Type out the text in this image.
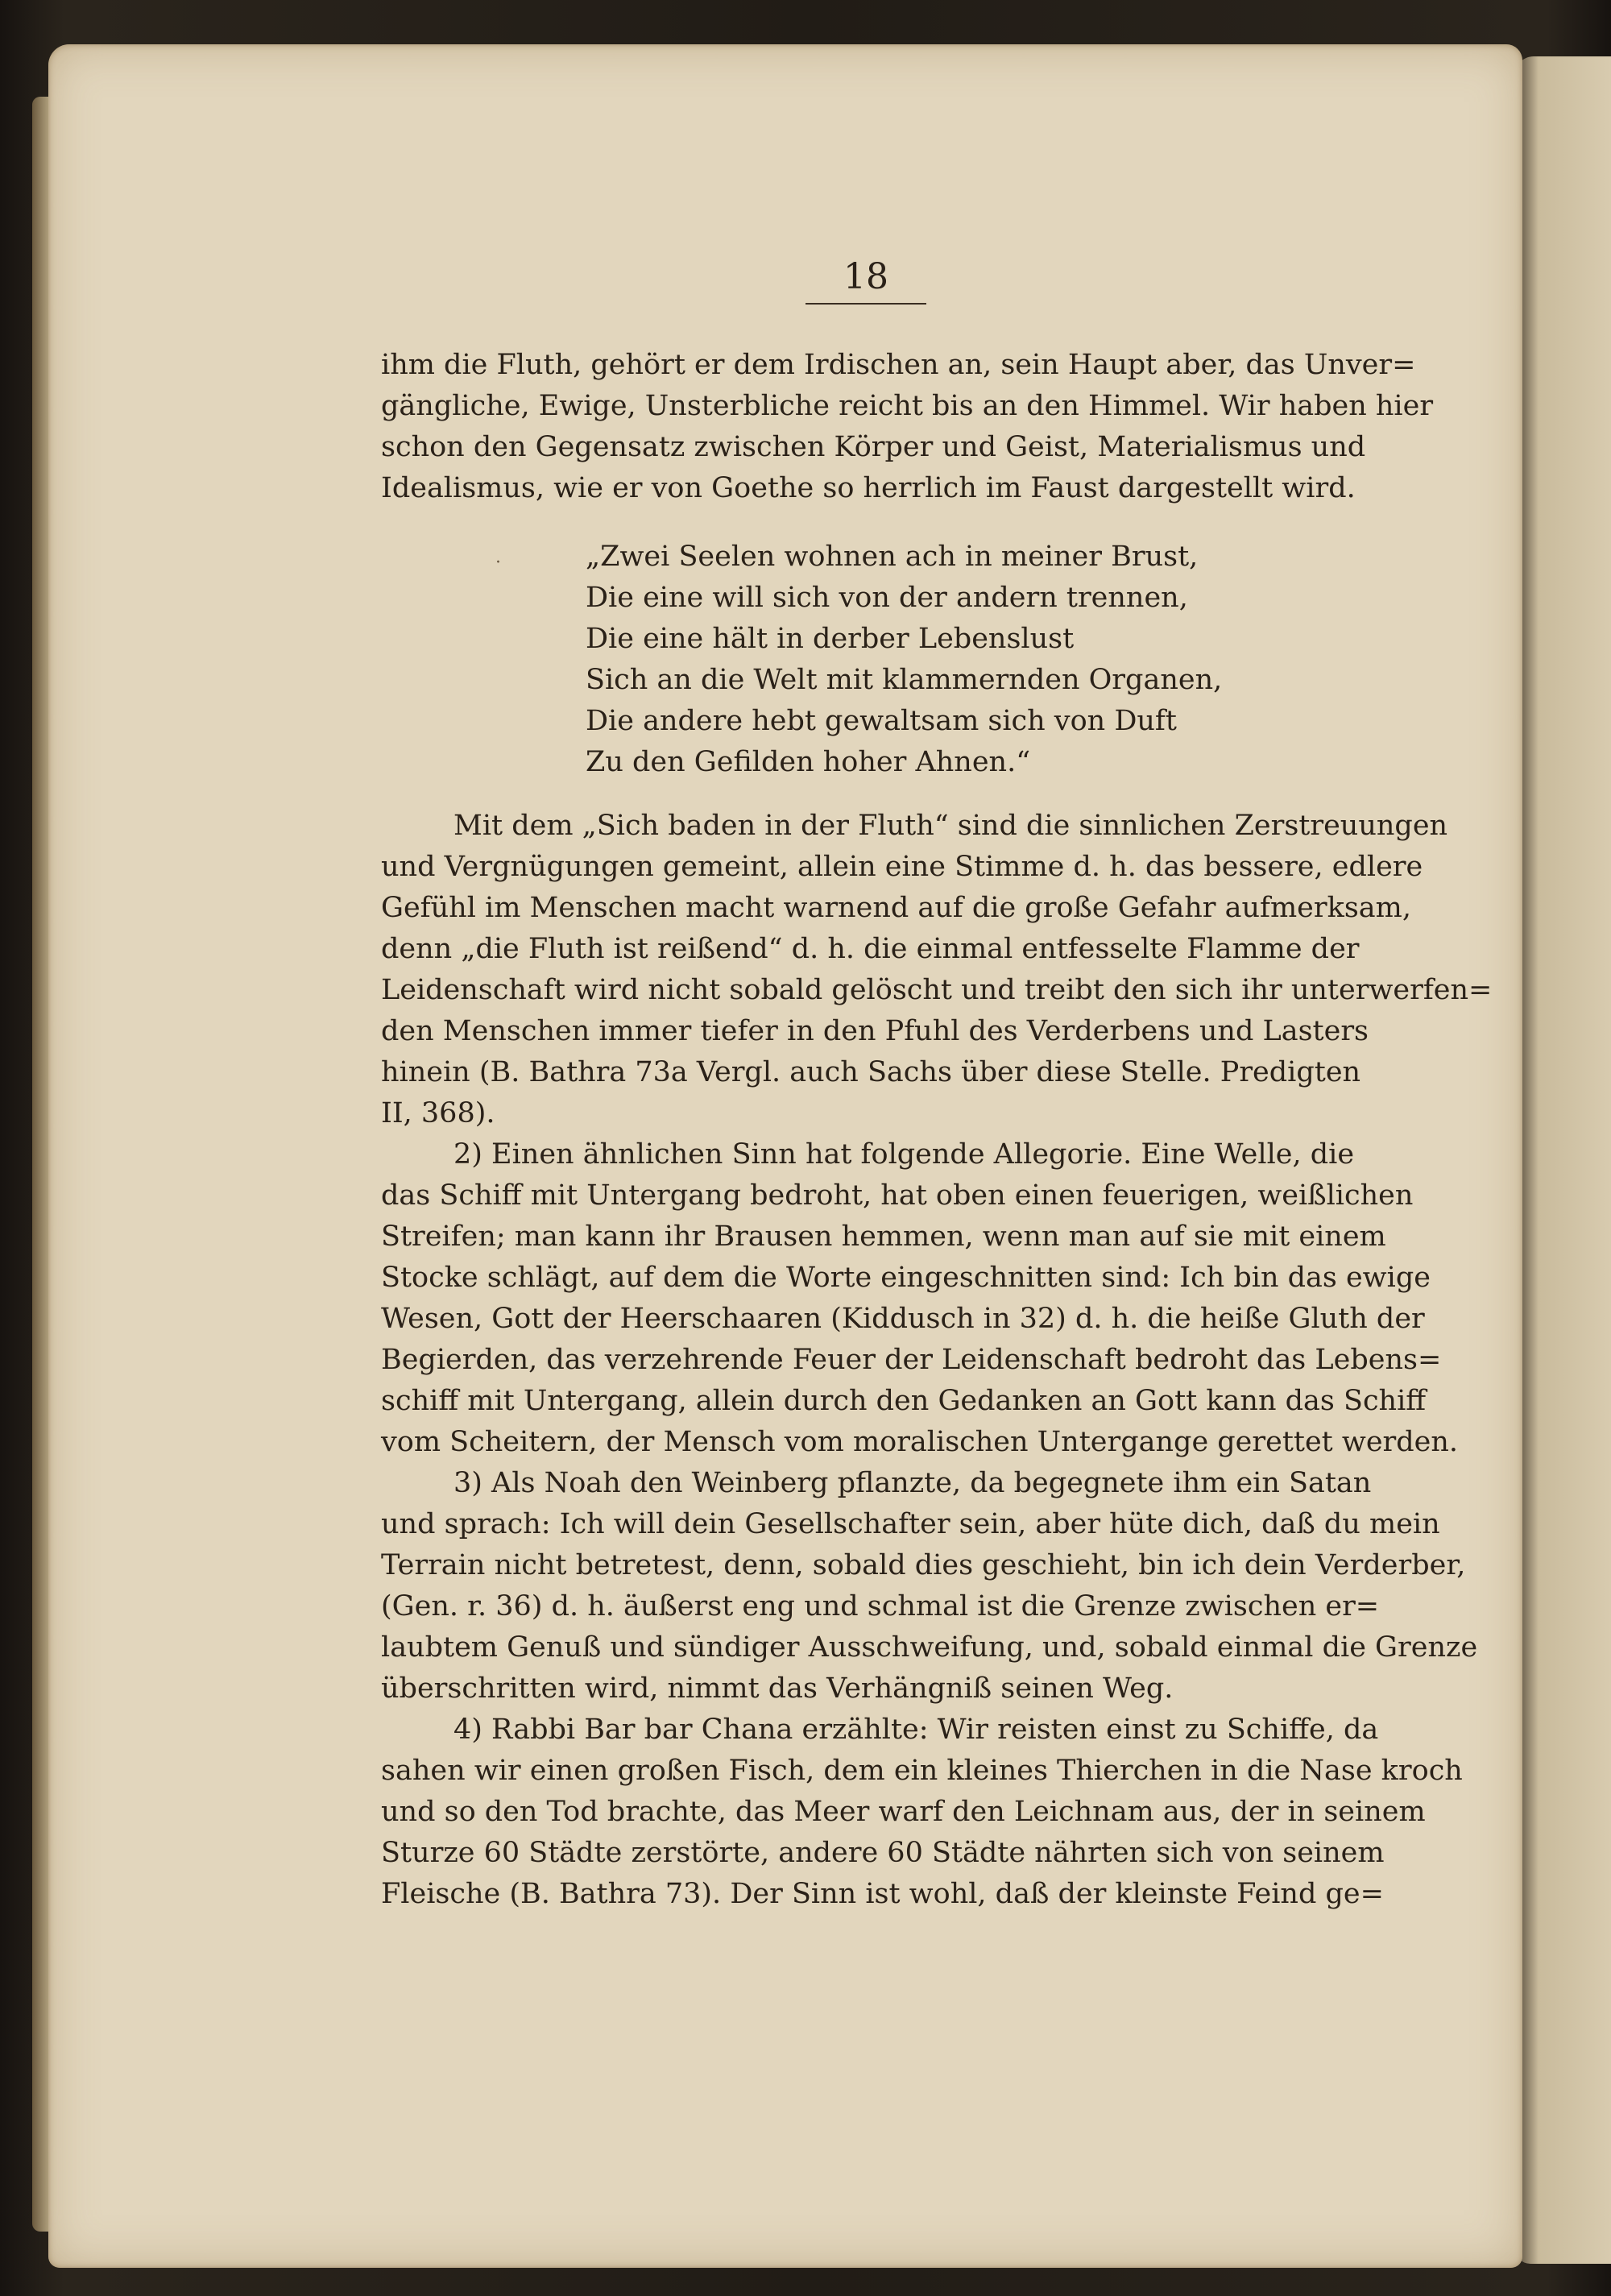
18
ihm die Fluth, gehört er dem Irdischen an, sein Haupt aber, das Unver=
gängliche, Ewige, Unsterbliche reicht bis an den Himmel. Wir haben hier
schon den Gegensatz zwischen Körper und Geist, Materialismus und
Idealismus, wie er von Goethe so herrlich im Faust dargestellt wird.
·	„Zwei Seelen wohnen ach in meiner Brust,
Die eine will sich von der andern trennen,
Die eine hält in derber Lebenslust
Sich an die Welt mit klammernden Organen,
Die andere hebt gewaltsam sich von Duft
Zu den Gefilden hoher Ahnen.“
Mit dem „Sich baden in der Fluth“ sind die sinnlichen Zerstreuungen
und Vergnügungen gemeint, allein eine Stimme d. h. das bessere, edlere
Gefühl im Menschen macht warnend auf die große Gefahr aufmerksam,
denn „die Fluth ist reißend“ d. h. die einmal entfesselte Flamme der
Leidenschaft wird nicht sobald gelöscht und treibt den sich ihr unterwerfen=
den Menschen immer tiefer in den Pfuhl des Verderbens und Lasters
hinein (B. Bathra 73a Vergl. auch Sachs über diese Stelle. Predigten
II, 368).
2) Einen ähnlichen Sinn hat folgende Allegorie. Eine Welle, die
das Schiff mit Untergang bedroht, hat oben einen feuerigen, weißlichen
Streifen; man kann ihr Brausen hemmen, wenn man auf sie mit einem
Stocke schlägt, auf dem die Worte eingeschnitten sind: Ich bin das ewige
Wesen, Gott der Heerschaaren (Kiddusch in 32) d. h. die heiße Gluth der
Begierden, das verzehrende Feuer der Leidenschaft bedroht das Lebens=
schiff mit Untergang, allein durch den Gedanken an Gott kann das Schiff
vom Scheitern, der Mensch vom moralischen Untergange gerettet werden.
3) Als Noah den Weinberg pflanzte, da begegnete ihm ein Satan
und sprach: Ich will dein Gesellschafter sein, aber hüte dich, daß du mein
Terrain nicht betretest, denn, sobald dies geschieht, bin ich dein Verderber,
(Gen. r. 36) d. h. äußerst eng und schmal ist die Grenze zwischen er=
laubtem Genuß und sündiger Ausschweifung, und, sobald einmal die Grenze
überschritten wird, nimmt das Verhängniß seinen Weg.
4) Rabbi Bar bar Chana erzählte: Wir reisten einst zu Schiffe, da
sahen wir einen großen Fisch, dem ein kleines Thierchen in die Nase kroch
und so den Tod brachte, das Meer warf den Leichnam aus, der in seinem
Sturze 60 Städte zerstörte, andere 60 Städte nährten sich von seinem
Fleische (B. Bathra 73). Der Sinn ist wohl, daß der kleinste Feind ge=
